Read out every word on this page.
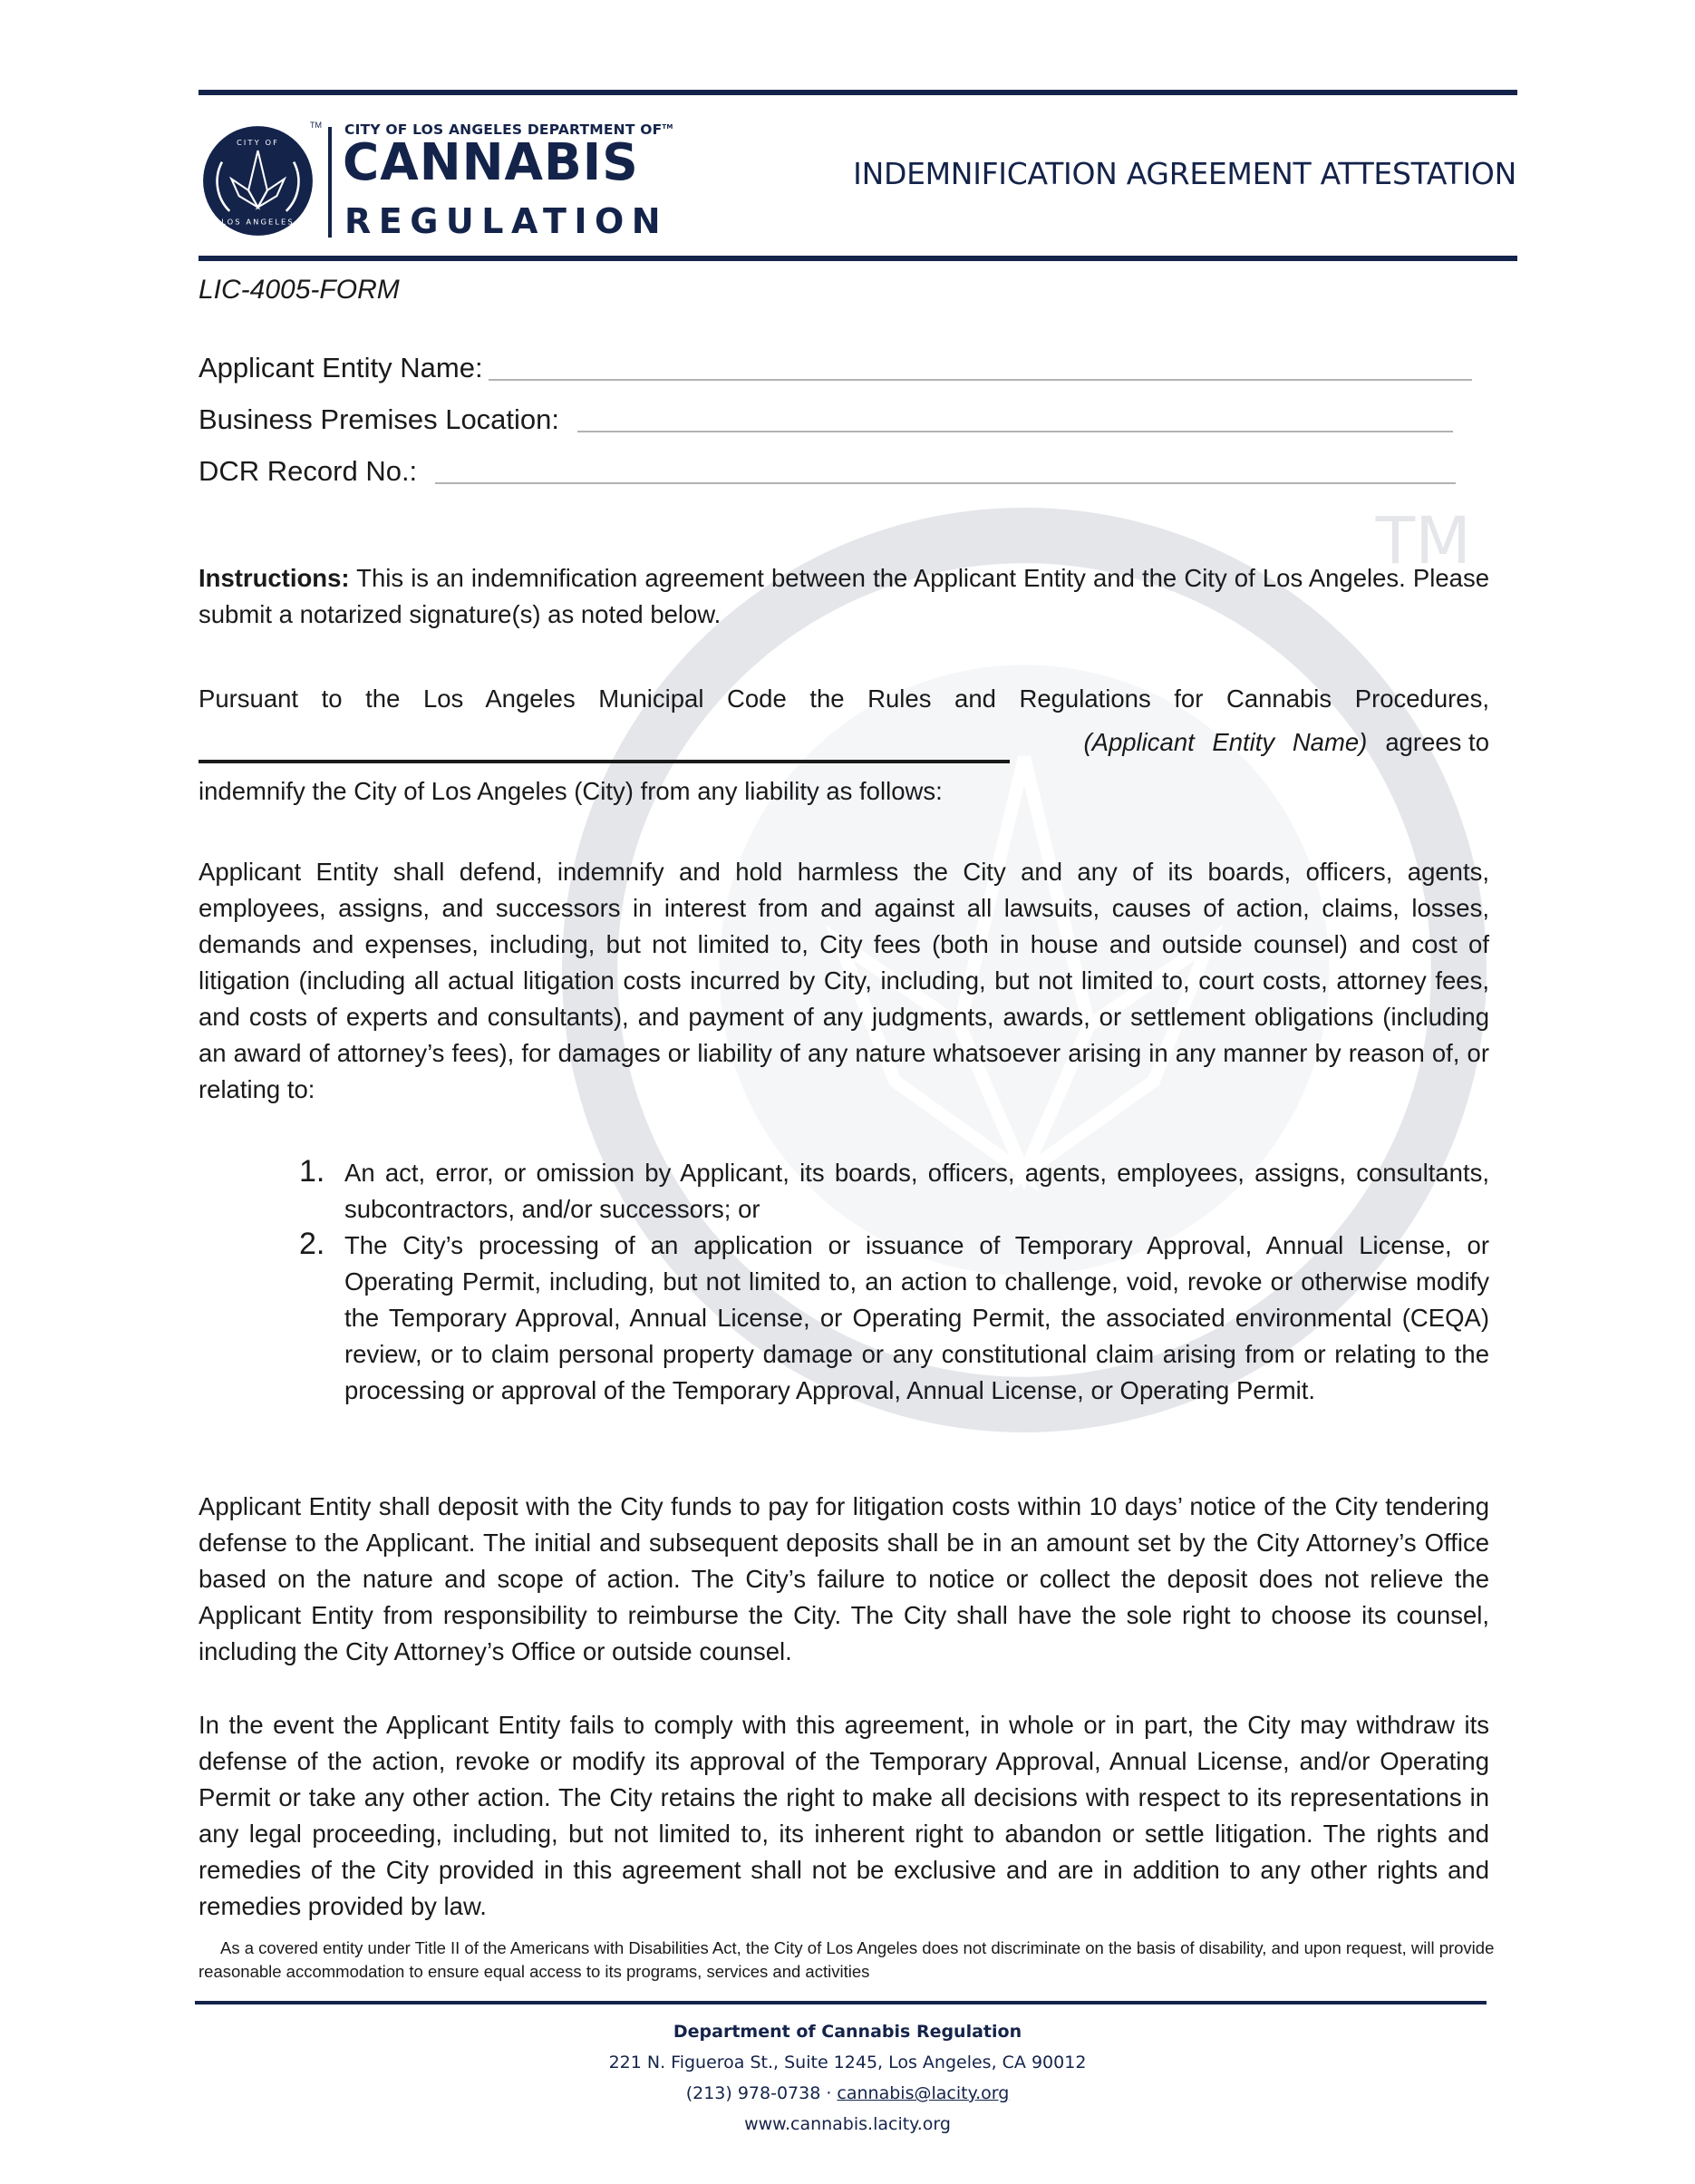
TM
CITY OF
LOS ANGELES
TM CITY OF LOS ANGELES DEPARTMENT OF™
CANNABIS
REGULATION
INDEMNIFICATION AGREEMENT ATTESTATION
LIC-4005-FORM
Applicant Entity Name:
Business Premises Location:
DCR Record No.:
Instructions: This is an indemnification agreement between the Applicant Entity and the City of Los Angeles. Please submit a notarized signature(s) as noted below.
Pursuant to the Los Angeles Municipal Code the Rules and Regulations for Cannabis Procedures,
(Applicant Entity Name) agrees to
indemnify the City of Los Angeles (City) from any liability as follows:
Applicant Entity shall defend, indemnify and hold harmless the City and any of its boards, officers, agents, employees, assigns, and successors in interest from and against all lawsuits, causes of action, claims, losses, demands and expenses, including, but not limited to, City fees (both in house and outside counsel) and cost of litigation (including all actual litigation costs incurred by City, including, but not limited to, court costs, attorney fees, and costs of experts and consultants), and payment of any judgments, awards, or settlement obligations (including an award of attorney’s fees), for damages or liability of any nature whatsoever arising in any manner by reason of, or relating to:
1. An act, error, or omission by Applicant, its boards, officers, agents, employees, assigns, consultants, subcontractors, and/or successors; or
2. The City’s processing of an application or issuance of Temporary Approval, Annual License, or Operating Permit, including, but not limited to, an action to challenge, void, revoke or otherwise modify the Temporary Approval, Annual License, or Operating Permit, the associated environmental (CEQA) review, or to claim personal property damage or any constitutional claim arising from or relating to the processing or approval of the Temporary Approval, Annual License, or Operating Permit.
Applicant Entity shall deposit with the City funds to pay for litigation costs within 10 days’ notice of the City tendering defense to the Applicant. The initial and subsequent deposits shall be in an amount set by the City Attorney’s Office based on the nature and scope of action. The City’s failure to notice or collect the deposit does not relieve the Applicant Entity from responsibility to reimburse the City. The City shall have the sole right to choose its counsel, including the City Attorney’s Office or outside counsel.
In the event the Applicant Entity fails to comply with this agreement, in whole or in part, the City may withdraw its defense of the action, revoke or modify its approval of the Temporary Approval, Annual License, and/or Operating Permit or take any other action. The City retains the right to make all decisions with respect to its representations in any legal proceeding, including, but not limited to, its inherent right to abandon or settle litigation. The rights and remedies of the City provided in this agreement shall not be exclusive and are in addition to any other rights and remedies provided by law.
As a covered entity under Title II of the Americans with Disabilities Act, the City of Los Angeles does not discriminate on the basis of disability, and upon request, will provide reasonable accommodation to ensure equal access to its programs, services and activities
Department of Cannabis Regulation
221 N. Figueroa St., Suite 1245, Los Angeles, CA 90012
(213) 978-0738 · cannabis@lacity.org
www.cannabis.lacity.org
